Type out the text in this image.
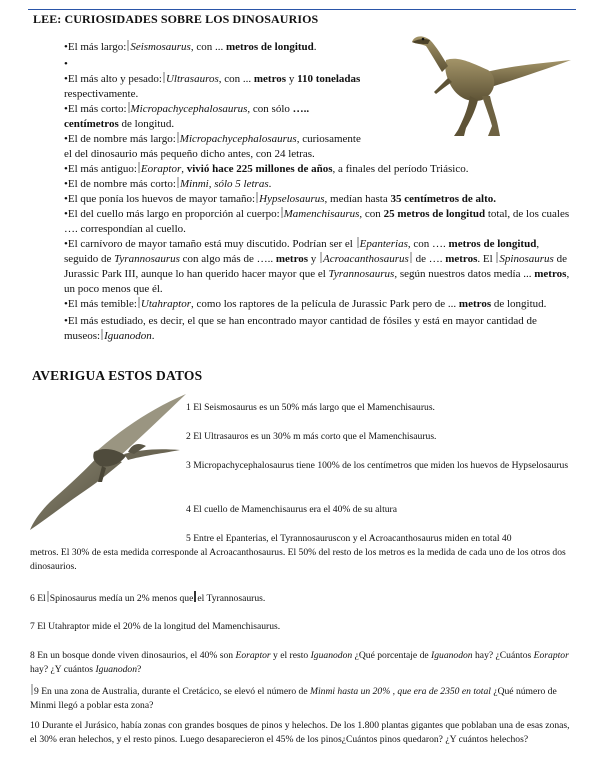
LEE: CURIOSIDADES SOBRE LOS DINOSAURIOS

•El más largo: Seismosaurus, con ... metros de longitud.

•

•El más alto y pesado: Ultrasauros, con ... metros y 110 toneladas
respectivamente.

•El más corto: Micropachycephalosaurus, con sólo …..
centímetros de longitud.

•El de nombre más largo: Micropachycephalosaurus, curiosamente
el del dinosaurio más pequeño dicho antes, con 24 letras.

•El más antiguo: Eoraptor, vivió hace 225 millones de años, a finales del período Triásico.

•El de nombre más corto: Minmi, sólo 5 letras.

•El que ponía los huevos de mayor tamaño: Hypselosaurus, medían hasta 35 centímetros de alto.

•El del cuello más largo en proporción al cuerpo: Mamenchisaurus, con 25 metros de longitud total, de los cuales …. correspondían al cuello.

•El carnívoro de mayor tamaño está muy discutido. Podrían ser el Epanterias, con …. metros de longitud, seguido de Tyrannosaurus con algo más de ….. metros y Acroacanthosaurus de …. metros. El Spinosaurus de Jurassic Park III, aunque lo han querido hacer mayor que el Tyrannosaurus, según nuestros datos medía ... metros, un poco menos que él.

•El más temible: Utahraptor, como los raptores de la película de Jurassic Park pero de ... metros de longitud.

•El más estudiado, es decir, el que se han encontrado mayor cantidad de fósiles y está en mayor cantidad de museos: Iguanodon.

AVERIGUA ESTOS DATOS
1 El Seismosaurus es un 50% más largo que el Mamenchisaurus.
2 El Ultrasauros es un 30% m más corto que el Mamenchisaurus.
3 Micropachycephalosaurus tiene 100% de los centímetros que miden los huevos de Hypselosaurus
4 El cuello de Mamenchisaurus era el 40% de su altura
5 Entre el Epanterias, el Tyrannosauruscon y el Acroacanthosaurus miden en total 40
metros. El 30% de esta medida corresponde al Acroacanthosaurus. El 50% del resto de los metros es la medida de cada uno de los otros dos dinosaurios.
6 El Spinosaurus medía un 2% menos que el Tyrannosaurus.
7 El Utahraptor mide el 20% de la longitud del Mamenchisaurus.
8 En un bosque donde viven dinosaurios, el 40% son Eoraptor y el resto Iguanodon ¿Qué porcentaje de Iguanodon hay? ¿Cuántos Eoraptor hay? ¿Y cuántos Iguanodon?
9 En una zona de Australia, durante el Cretácico, se elevó el número de Minmi hasta un 20% , que era de 2350 en total ¿Qué número de Minmi llegó a poblar esta zona?
10 Durante el Jurásico, había zonas con grandes bosques de pinos y helechos. De los 1.800 plantas gigantes que poblaban una de esas zonas, el 30% eran helechos, y el resto pinos. Luego desaparecieron el 45% de los pinos¿Cuántos pinos quedaron? ¿Y cuántos helechos?
